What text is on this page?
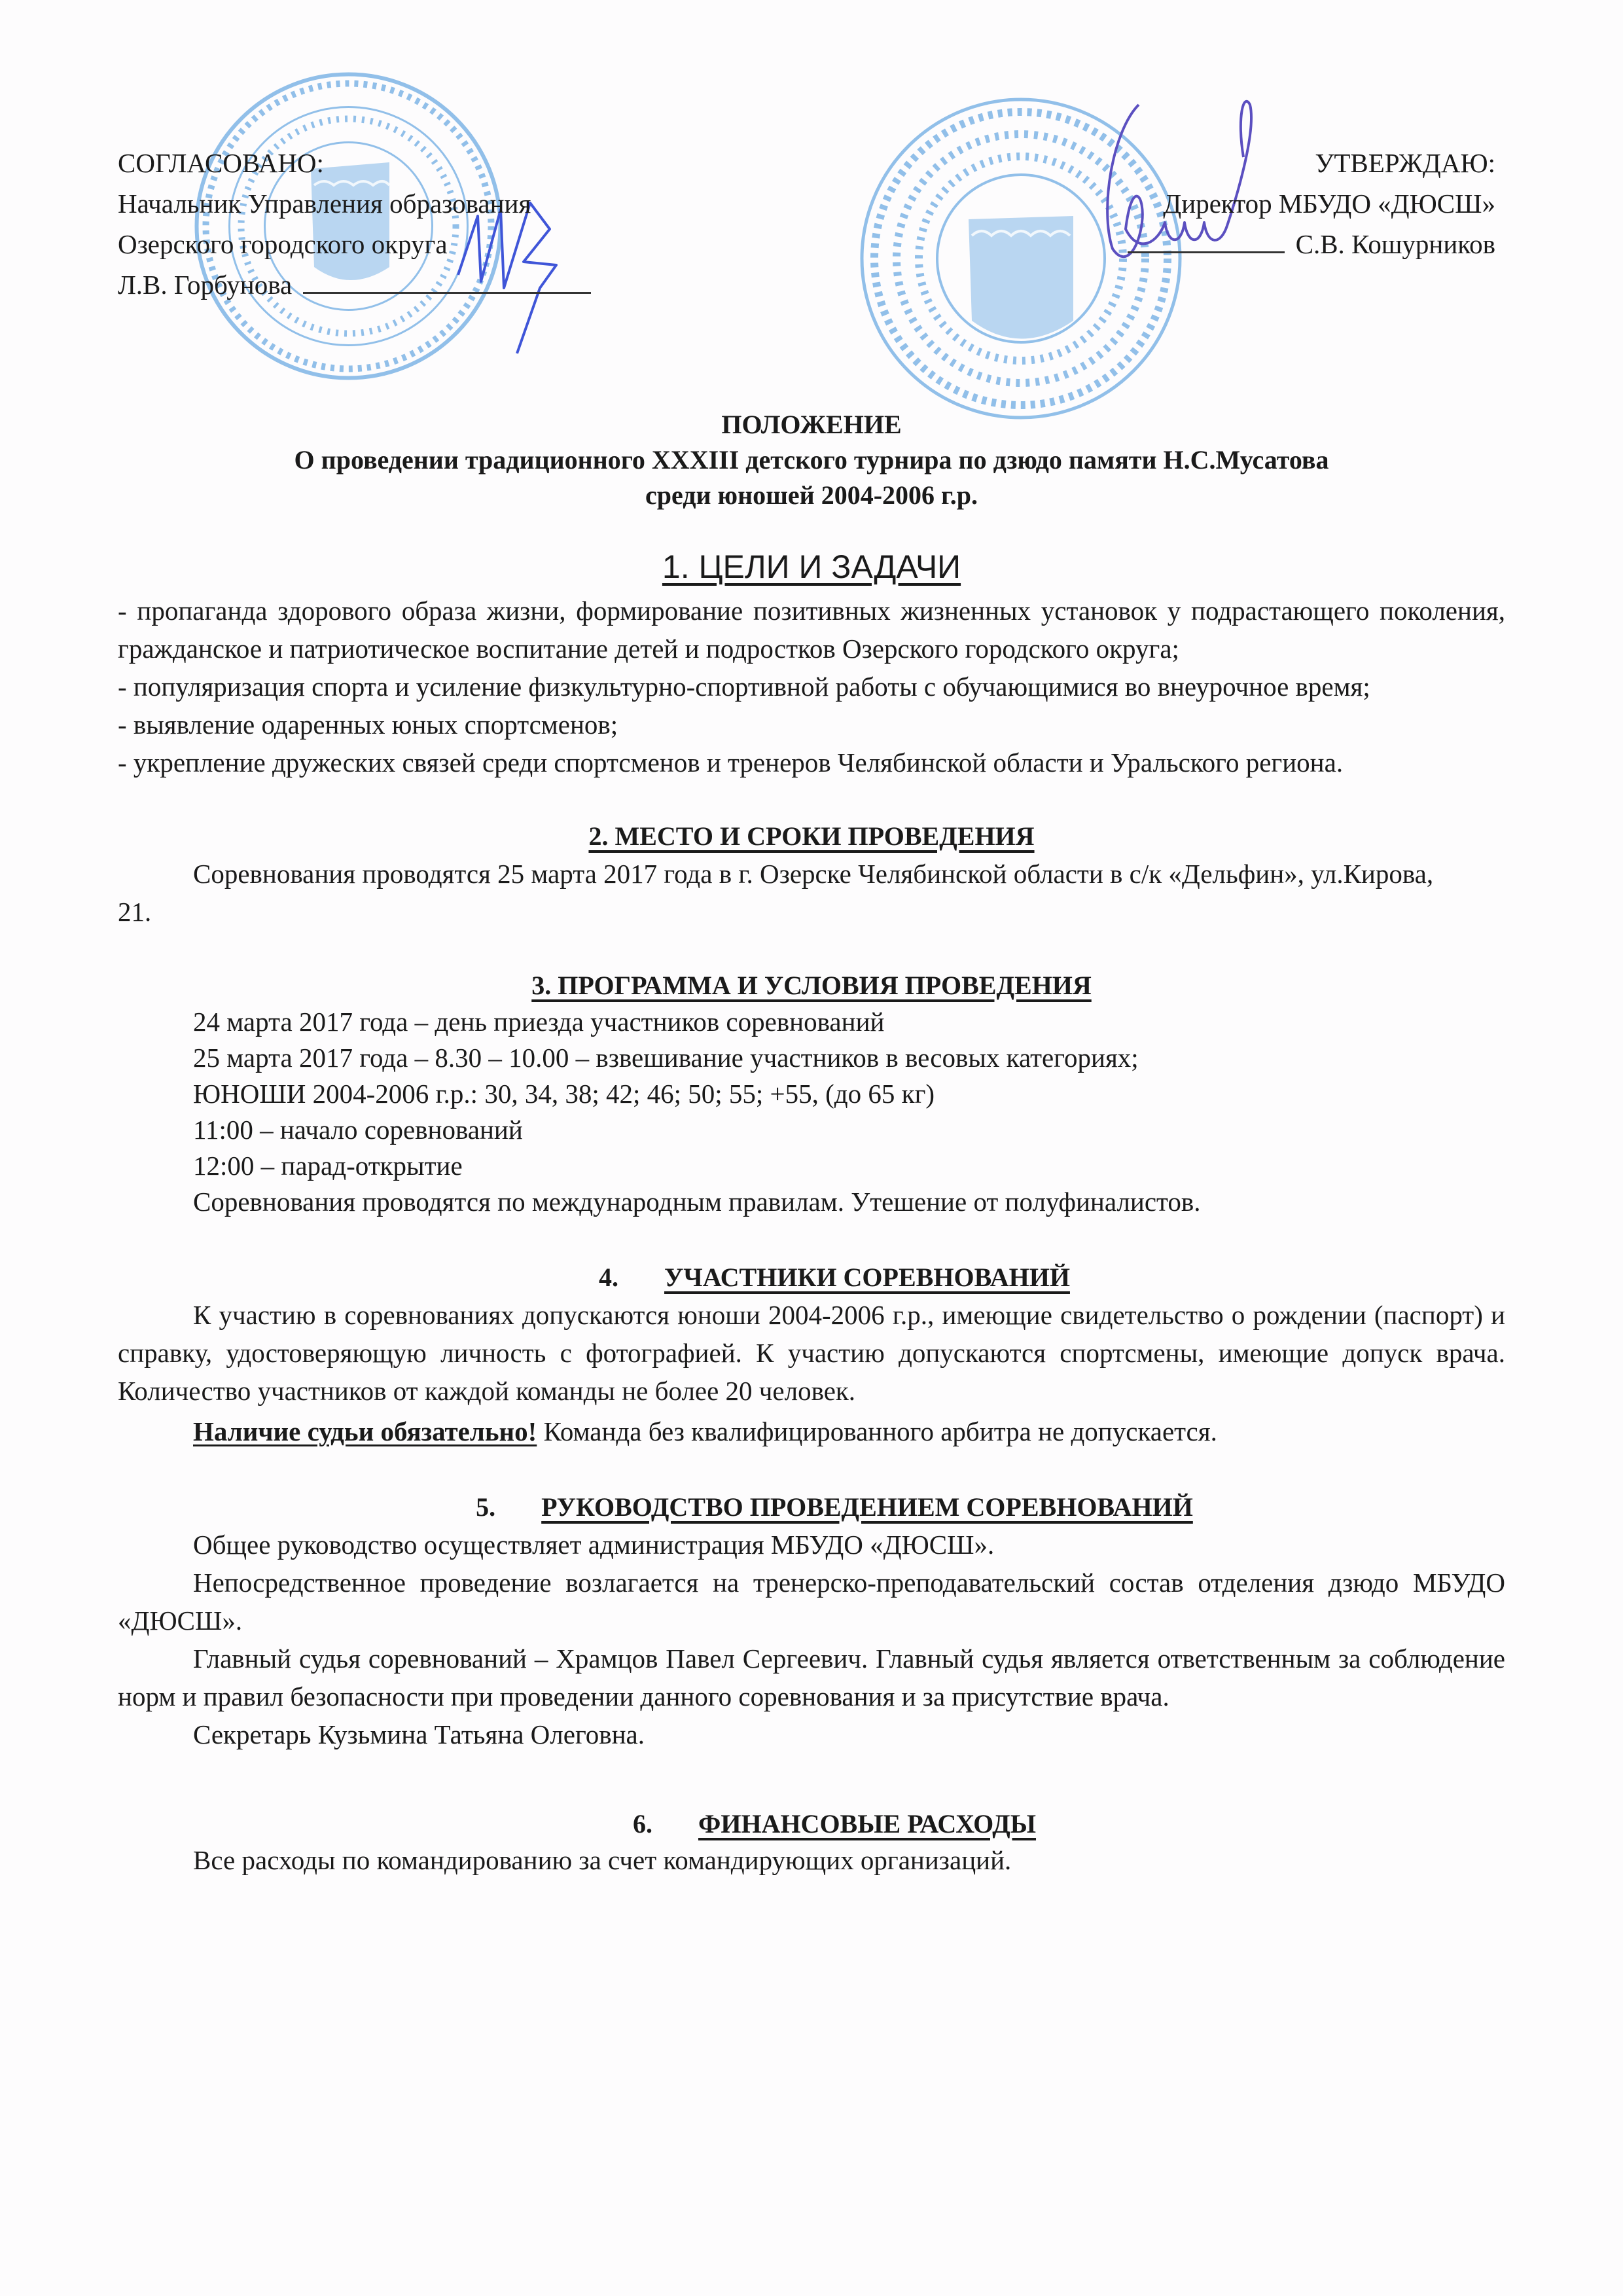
СОГЛАСОВАНО:
Начальник Управления образования
Озерского городского округа
Л.В. Горбунова
УТВЕРЖДАЮ:
Директор МБУДО «ДЮСШ»
С.В. Кошурников
ПОЛОЖЕНИЕ
О проведении традиционного XXXIII детского турнира по дзюдо памяти Н.С.Мусатова
среди юношей 2004-2006 г.р.
1. ЦЕЛИ И ЗАДАЧИ
- пропаганда здорового образа жизни, формирование позитивных жизненных установок у подрастающего поколения, гражданское и патриотическое воспитание детей и подростков Озерского городского округа;
- популяризация спорта и усиление физкультурно-спортивной работы с обучающимися во внеурочное время;
- выявление одаренных юных спортсменов;
- укрепление дружеских связей среди спортсменов и тренеров Челябинской области и Уральского региона.
2. МЕСТО И СРОКИ ПРОВЕДЕНИЯ
Соревнования проводятся 25 марта 2017 года в г. Озерске Челябинской области в с/к «Дельфин», ул.Кирова, 21.
3. ПРОГРАММА И УСЛОВИЯ ПРОВЕДЕНИЯ
24 марта 2017 года – день приезда участников соревнований
25 марта 2017 года – 8.30 – 10.00 – взвешивание участников в весовых категориях;
ЮНОШИ 2004-2006 г.р.: 30, 34, 38; 42; 46; 50; 55; +55, (до 65 кг)
11:00 – начало соревнований
12:00 – парад-открытие
Соревнования проводятся по международным правилам. Утешение от полуфиналистов.
4. УЧАСТНИКИ СОРЕВНОВАНИЙ
К участию в соревнованиях допускаются юноши 2004-2006 г.р., имеющие свидетельство о рождении (паспорт) и справку, удостоверяющую личность с фотографией. К участию допускаются спортсмены, имеющие допуск врача. Количество участников от каждой команды не более 20 человек.
Наличие судьи обязательно! Команда без квалифицированного арбитра не допускается.
5. РУКОВОДСТВО ПРОВЕДЕНИЕМ СОРЕВНОВАНИЙ
Общее руководство осуществляет администрация МБУДО «ДЮСШ».
Непосредственное проведение возлагается на тренерско-преподавательский состав отделения дзюдо МБУДО «ДЮСШ».
Главный судья соревнований – Храмцов Павел Сергеевич. Главный судья является ответственным за соблюдение норм и правил безопасности при проведении данного соревнования и за присутствие врача.
Секретарь Кузьмина Татьяна Олеговна.
6. ФИНАНСОВЫЕ РАСХОДЫ
Все расходы по командированию за счет командирующих организаций.
